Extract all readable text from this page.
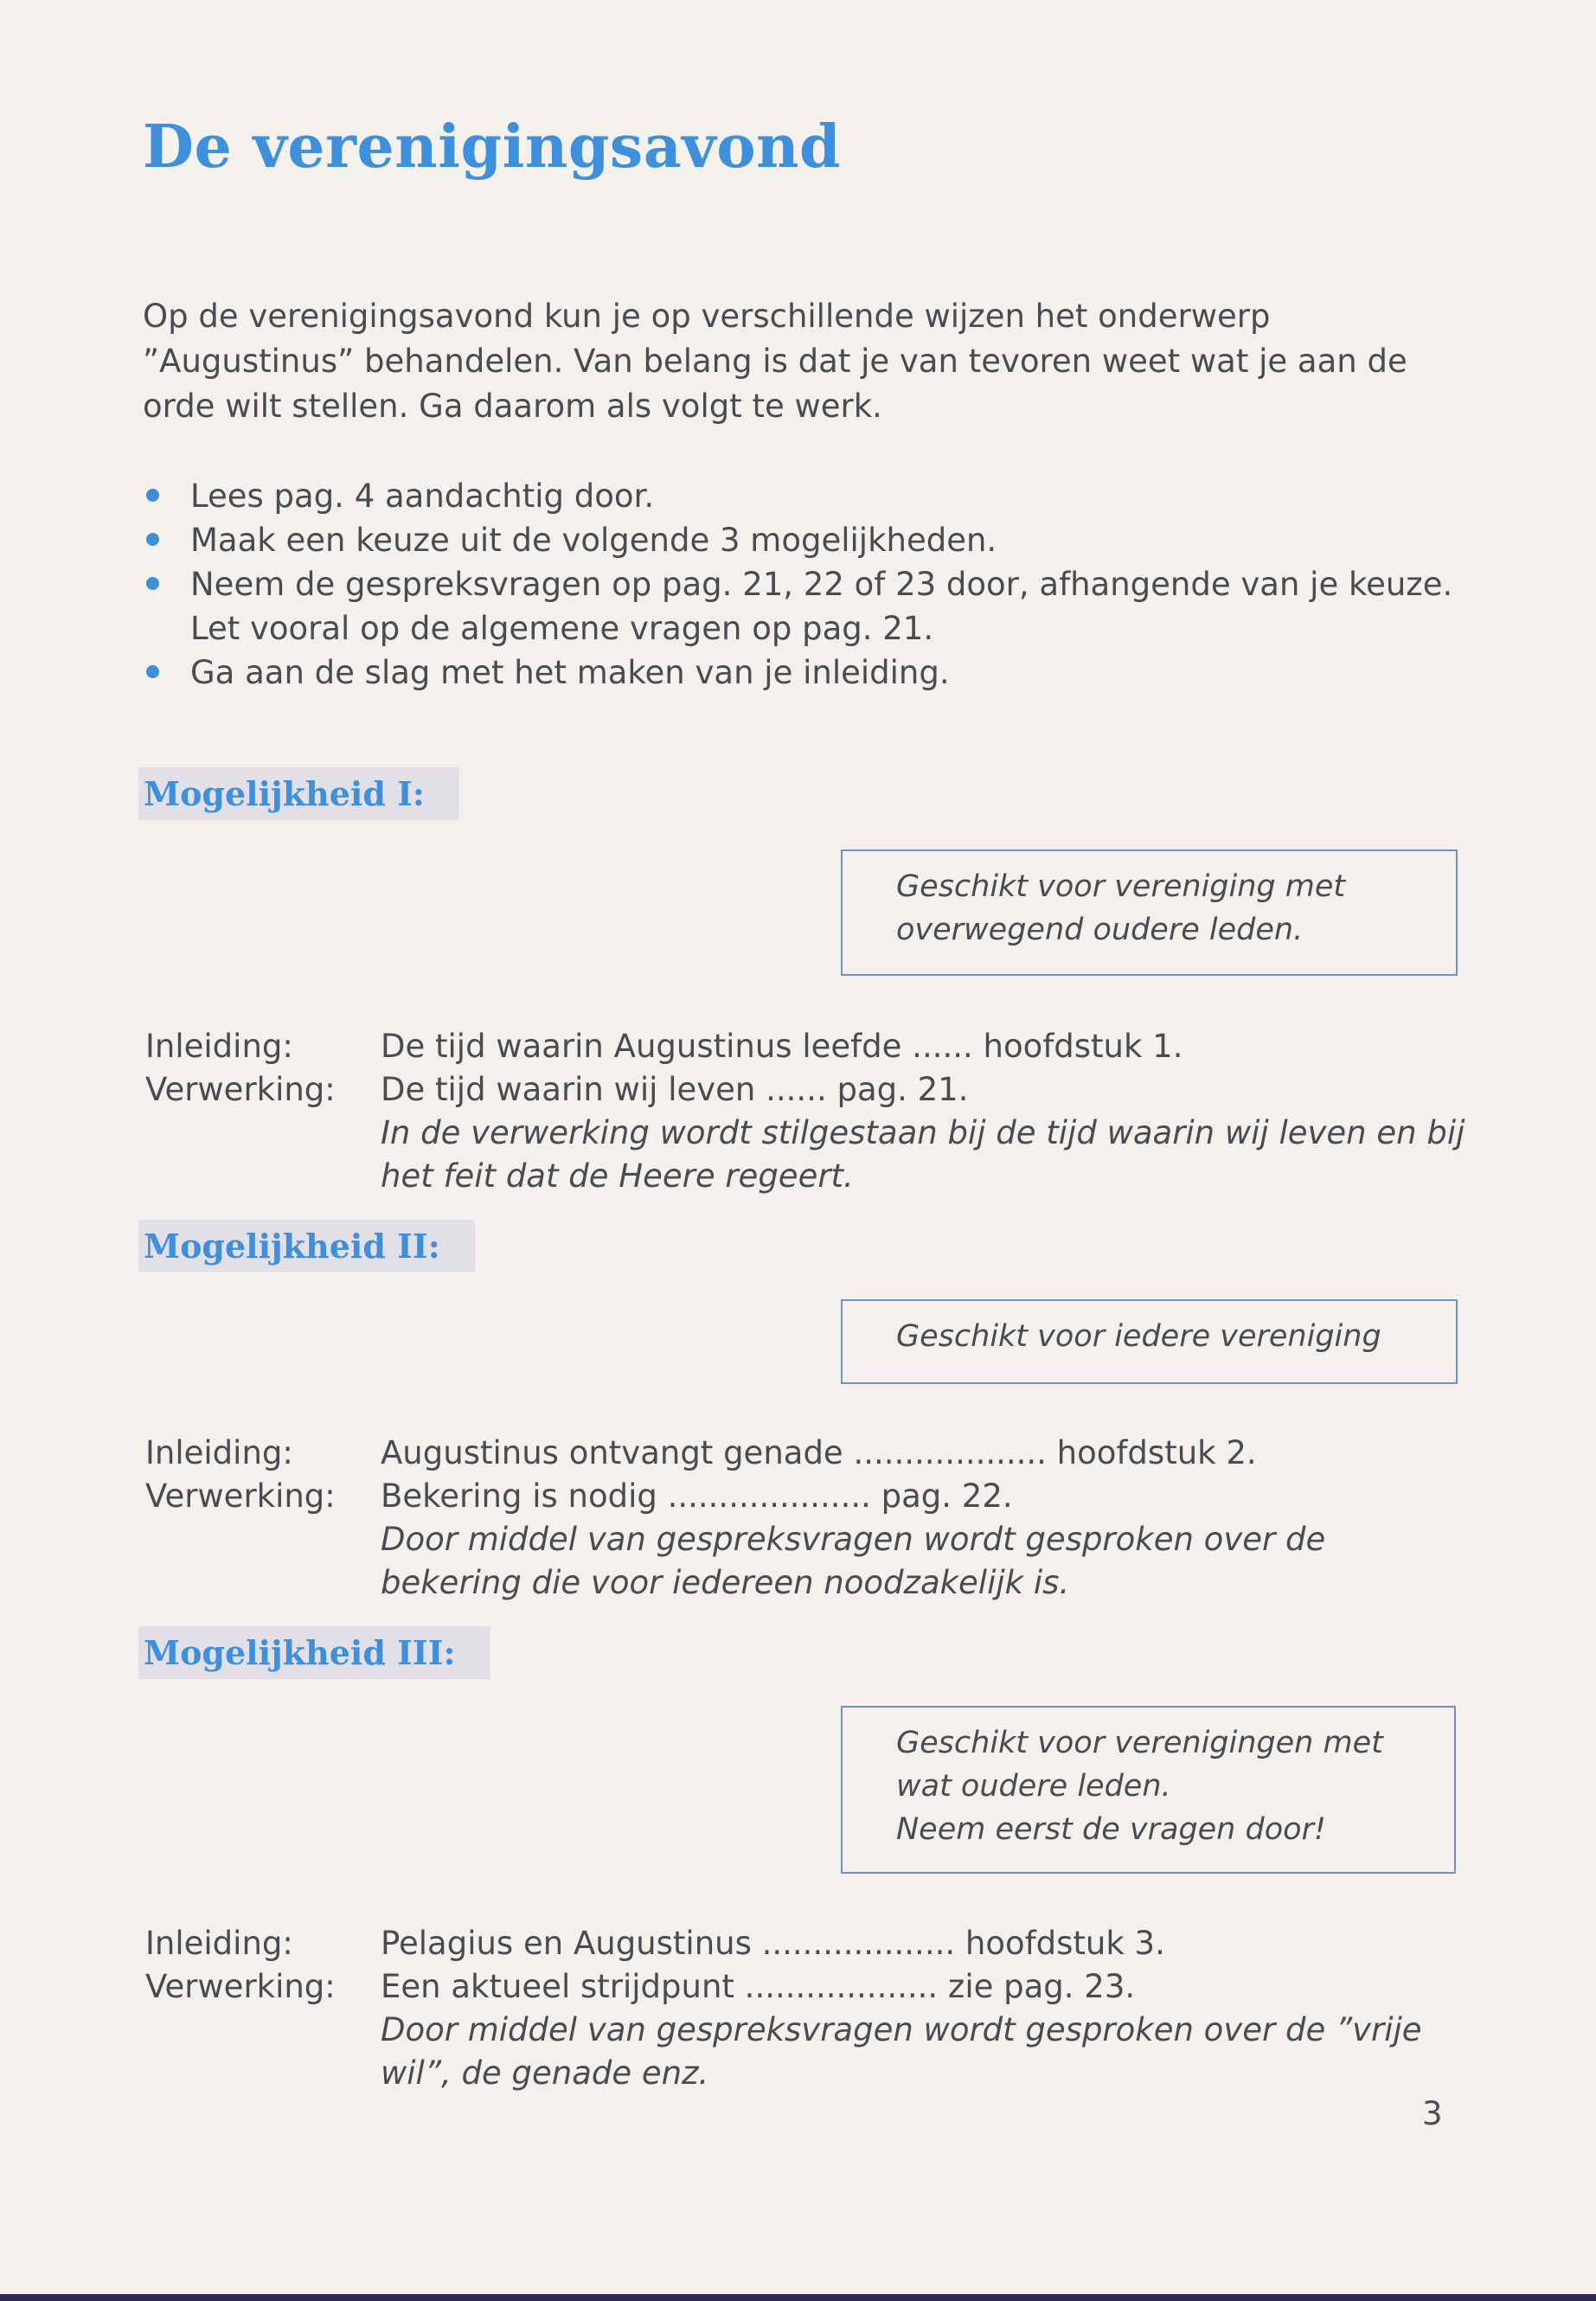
De verenigingsavond

Op de verenigingsavond kun je op verschillende wijzen het onderwerp ”Augustinus” behandelen. Van belang is dat je van tevoren weet wat je aan de orde wilt stellen. Ga daarom als volgt te werk.

Lees pag. 4 aandachtig door.
Maak een keuze uit de volgende 3 mogelijkheden.
Neem de gespreksvragen op pag. 21, 22 of 23 door, afhangende van je keuze. Let vooral op de algemene vragen op pag. 21.
Ga aan de slag met het maken van je inleiding.
Mogelijkheid I:
Geschikt voor vereniging met
overwegend oudere leden.
Inleiding:	De tijd waarin Augustinus leefde ...... hoofdstuk 1.
Verwerking: De tijd waarin wij leven ...... pag. 21.
In de verwerking wordt stilgestaan bij de tijd waarin wij leven en bij het feit dat de Heere regeert.
Mogelijkheid II:
Geschikt voor iedere vereniging
Inleiding:	Augustinus ontvangt genade ................... hoofdstuk 2.
Verwerking: Bekering is nodig .................... pag. 22.
Door middel van gespreksvragen wordt gesproken over de bekering die voor iedereen noodzakelijk is.
Mogelijkheid III:
Geschikt voor verenigingen met
wat oudere leden.
Neem eerst de vragen door!
Inleiding:	Pelagius en Augustinus ................... hoofdstuk 3.
Verwerking: Een aktueel strijdpunt ................... zie pag. 23.
Door middel van gespreksvragen wordt gesproken over de ”vrije wil”, de genade enz.
3
